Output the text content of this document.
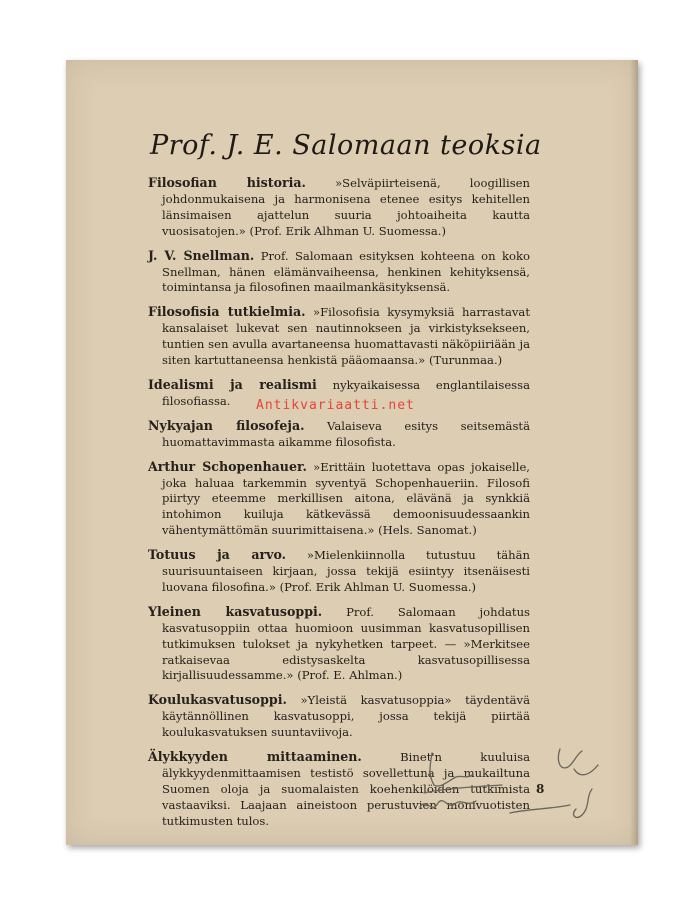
Prof. J. E. Salomaan teoksia

Filosofian historia.	»Selväpiirteisenä, loogillisen johdonmukaisena ja harmonisena etenee esitys kehitellen länsimaisen ajattelun suuria johtoaiheita kautta vuosisatojen.» (Prof. Erik Alhman U. Suomessa.)

J. V. Snellman. Prof. Salomaan esityksen kohteena on koko Snellman, hänen elämänvaiheensa, henkinen kehityksensä, toimintansa ja filosofinen maailmankäsityksensä.

Filosofisia tutkielmia. »Filosofisia kysymyksiä harrastavat kansalaiset lukevat sen nautinnokseen ja virkistyksekseen, tuntien sen avulla avartaneensa huomattavasti näköpiiriään ja siten kartuttaneensa henkistä pääomaansa.» (Turunmaa.)

Idealismi ja realismi nykyaikaisessa englantilaisessa filosofiassa.

Nykyajan filosofeja. Valaiseva esitys seitsemästä huomattavimmasta aikamme filosofista.

Arthur Schopenhauer. »Erittäin luotettava opas jokaiselle, joka haluaa tarkemmin syventyä Schopenhaueriin. Filosofi piirtyy eteemme merkillisen aitona, elävänä ja synkkiä intohimon kuiluja kätkevässä demoonisuudessaankin vähentymättömän suurimittaisena.» (Hels. Sanomat.)

Totuus ja arvo. »Mielenkiinnolla tutustuu tähän suurisuuntaiseen kirjaan, jossa tekijä esiintyy itsenäisesti luovana filosofina.» (Prof. Erik Ahlman U. Suomessa.)

Yleinen kasvatusoppi. Prof. Salomaan johdatus kasvatusoppiin ottaa huomioon uusimman kasvatusopillisen tutkimuksen tulokset ja nykyhetken tarpeet. — »Merkitsee ratkaisevaa edistysaskelta kasvatusopillisessa kirjallisuudessamme.» (Prof. E. Ahlman.)

Koulukasvatusoppi. »Yleistä kasvatusoppia» täydentävä käytännöllinen kasvatusoppi, jossa tekijä piirtää koulukasvatuksen suuntaviivoja.

Älykkyyden mittaaminen.	Binet'n kuuluisa älykkyydenmittaamisen testistö sovellettuna ja mukailtuna Suomen oloja ja suomalaisten koehenkilöiden tutkimista vastaaviksi. Laajaan aineistoon perustuvien monivuotisten tutkimusten tulos.

Antikvariaatti.net
8
